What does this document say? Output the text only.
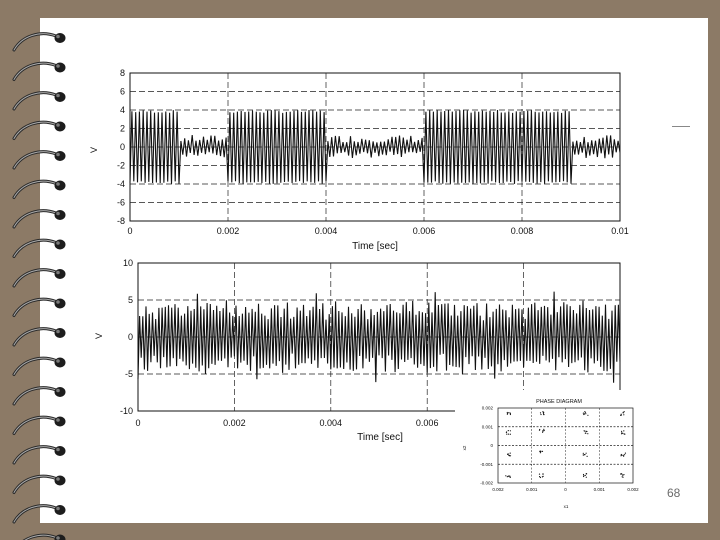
8
6
4
2
0
-2
-4
-6
-8
0	0.002	0.004	0.006	0.008	0.01
V
Time [sec]
10
5
0
-5
-10
0	0.002	0.004	0.006
V
Time [sec]
PHASE DIAGRAM
0.002
0.001
0
-0.001
-0.002
0.002	0.001	0	0.001	0.002
x2
x1
68
